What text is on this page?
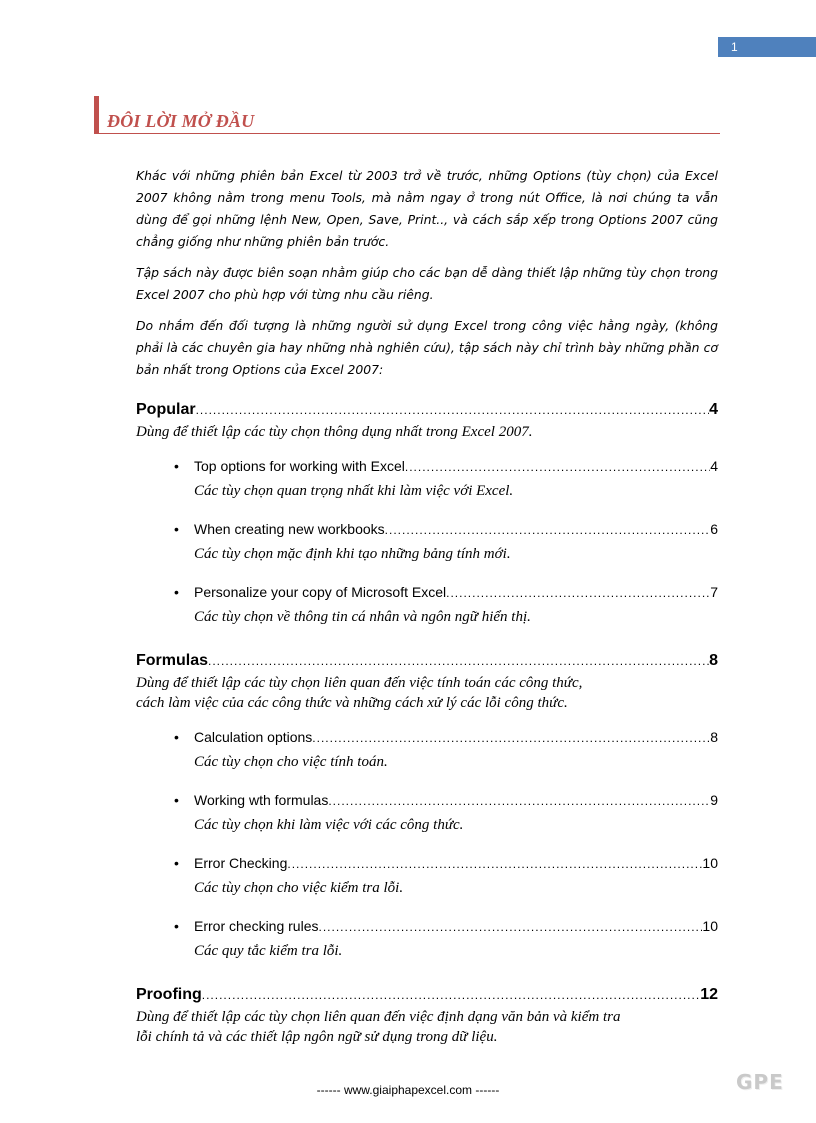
1
ĐÔI LỜI MỞ ĐẦU

Khác với những phiên bản Excel từ 2003 trở về trước, những Options (tùy chọn) của Excel 2007 không nằm trong menu Tools, mà nằm ngay ở trong nút Office, là nơi chúng ta vẫn dùng để gọi những lệnh New, Open, Save, Print.., và cách sắp xếp trong Options 2007 cũng chẳng giống như những phiên bản trước.

Tập sách này được biên soạn nhằm giúp cho các bạn dễ dàng thiết lập những tùy chọn trong Excel 2007 cho phù hợp với từng nhu cầu riêng.

Do nhắm đến đối tượng là những người sử dụng Excel trong công việc hằng ngày, (không phải là các chuyên gia hay những nhà nghiên cứu), tập sách này chỉ trình bày những phần cơ bản nhất trong Options của Excel 2007:

Popular .....	4

Dùng để thiết lập các tùy chọn thông dụng nhất trong Excel 2007.

• Top options for working with Excel .....	4
Các tùy chọn quan trọng nhất khi làm việc với Excel.
• When creating new workbooks .....	6
Các tùy chọn mặc định khi tạo những bảng tính mới.
• Personalize your copy of Microsoft Excel .....	7
Các tùy chọn về thông tin cá nhân và ngôn ngữ hiển thị.
Formulas .....	8

Dùng để thiết lập các tùy chọn liên quan đến việc tính toán các công thức,

cách làm việc của các công thức và những cách xử lý các lỗi công thức.

• Calculation options .....	8
Các tùy chọn cho việc tính toán.
• Working wth formulas .....	9
Các tùy chọn khi làm việc với các công thức.
• Error Checking .....	10
Các tùy chọn cho việc kiểm tra lỗi.
• Error checking rules .....	10
Các quy tắc kiểm tra lỗi.
Proofing .....	12

Dùng để thiết lập các tùy chọn liên quan đến việc định dạng văn bản và kiểm tra

lỗi chính tả và các thiết lập ngôn ngữ sử dụng trong dữ liệu.

------ www.giaiphapexcel.com ------	GPE
